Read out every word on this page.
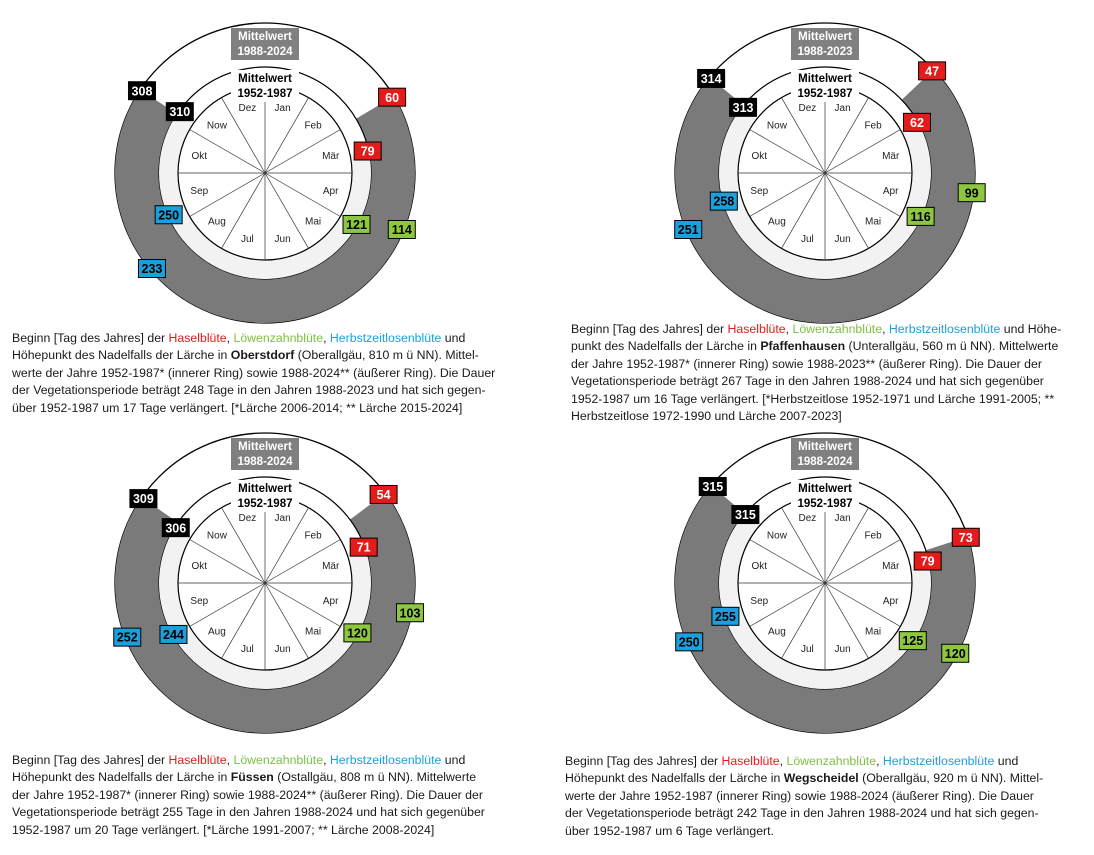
Jan
Feb
Mär
Apr
Mai
Jun
Jul
Aug
Sep
Okt
Now
Dez
Mittelwert
1988-2024
Mittelwert
1952-1987	60
79
114
121
233
250
308
310	Jan
Feb
Mär
Apr
Mai
Jun
Jul
Aug
Sep
Okt
Now
Dez
Mittelwert
1988-2023
Mittelwert
1952-1987
47
62
99
116
251
258
314
313
Jan
Feb
Mär
Apr
Mai
Jun
Jul
Aug
Sep
Okt
Now
Dez
Mittelwert
1988-2024
Mittelwert
1952-1987
54
71
103
120
252 244
309
306
Jan
Feb
Mär
Apr
Mai
Jun
Jul
Aug
Sep
Okt
Now
Dez
Mittelwert
1988-2024
Mittelwert
1952-1987
73
79
120
125
250
255
315
315

Beginn [Tag des Jahres] der Haselblüte, Löwenzahnblüte, Herbstzeitlosenblüte und
Höhepunkt des Nadelfalls der Lärche in Oberstdorf (Oberallgäu, 810 m ü NN). Mittel-
werte der Jahre 1952-1987* (innerer Ring) sowie 1988-2024** (äußerer Ring). Die Dauer
der Vegetationsperiode beträgt 248 Tage in den Jahren 1988-2023 und hat sich gegen-
über 1952-1987 um 17 Tage verlängert. [*Lärche 2006-2014; ** Lärche 2015-2024]

Beginn [Tag des Jahres] der Haselblüte, Löwenzahnblüte, Herbstzeitlosenblüte und Höhe-
punkt des Nadelfalls der Lärche in Pfaffenhausen (Unterallgäu, 560 m ü NN). Mittelwerte
der Jahre 1952-1987* (innerer Ring) sowie 1988-2023** (äußerer Ring). Die Dauer der
Vegetationsperiode beträgt 267 Tage in den Jahren 1988-2024 und hat sich gegenüber
1952-1987 um 16 Tage verlängert. [*Herbstzeitlose 1952-1971 und Lärche 1991-2005; **
Herbstzeitlose 1972-1990 und Lärche 2007-2023]

Beginn [Tag des Jahres] der Haselblüte, Löwenzahnblüte, Herbstzeitlosenblüte und
Höhepunkt des Nadelfalls der Lärche in Füssen (Ostallgäu, 808 m ü NN). Mittelwerte
der Jahre 1952-1987* (innerer Ring) sowie 1988-2024** (äußerer Ring). Die Dauer der
Vegetationsperiode beträgt 255 Tage in den Jahren 1988-2024 und hat sich gegenüber
1952-1987 um 20 Tage verlängert. [*Lärche 1991-2007; ** Lärche 2008-2024]

Beginn [Tag des Jahres] der Haselblüte, Löwenzahnblüte, Herbstzeitlosenblüte und
Höhepunkt des Nadelfalls der Lärche in Wegscheidel (Oberallgäu, 920 m ü NN). Mittel-
werte der Jahre 1952-1987 (innerer Ring) sowie 1988-2024 (äußerer Ring). Die Dauer
der Vegetationsperiode beträgt 242 Tage in den Jahren 1988-2024 und hat sich gegen-
über 1952-1987 um 6 Tage verlängert.
